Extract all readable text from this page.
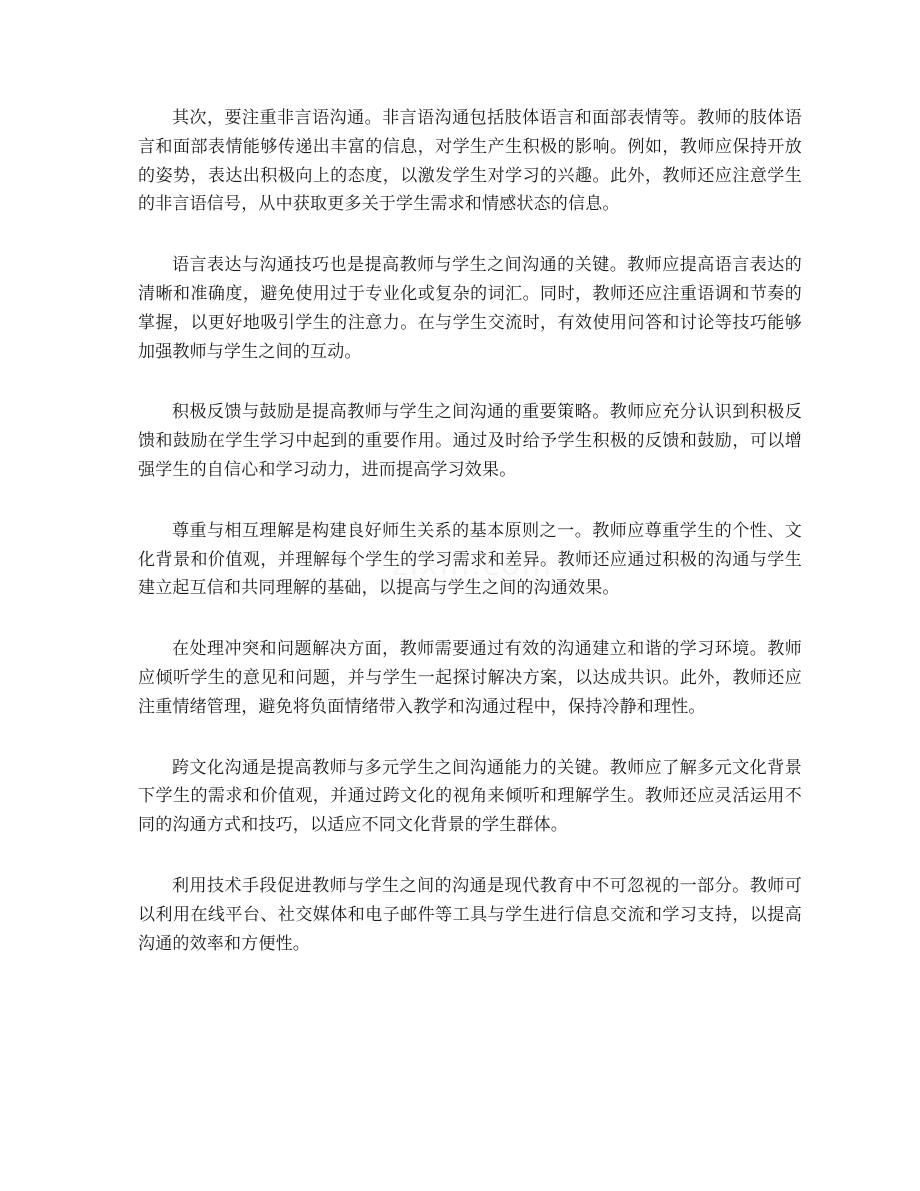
其次，要注重非言语沟通。非言语沟通包括肢体语言和面部表情等。教师的肢体语言和面部表情能够传递出丰富的信息，对学生产生积极的影响。例如，教师应保持开放的姿势，表达出积极向上的态度，以激发学生对学习的兴趣。此外，教师还应注意学生的非言语信号，从中获取更多关于学生需求和情感状态的信息。

语言表达与沟通技巧也是提高教师与学生之间沟通的关键。教师应提高语言表达的清晰和准确度，避免使用过于专业化或复杂的词汇。同时，教师还应注重语调和节奏的掌握，以更好地吸引学生的注意力。在与学生交流时，有效使用问答和讨论等技巧能够加强教师与学生之间的互动。

积极反馈与鼓励是提高教师与学生之间沟通的重要策略。教师应充分认识到积极反馈和鼓励在学生学习中起到的重要作用。通过及时给予学生积极的反馈和鼓励，可以增强学生的自信心和学习动力，进而提高学习效果。

尊重与相互理解是构建良好师生关系的基本原则之一。教师应尊重学生的个性、文化背景和价值观，并理解每个学生的学习需求和差异。教师还应通过积极的沟通与学生建立起互信和共同理解的基础，以提高与学生之间的沟通效果。

在处理冲突和问题解决方面，教师需要通过有效的沟通建立和谐的学习环境。教师应倾听学生的意见和问题，并与学生一起探讨解决方案，以达成共识。此外，教师还应注重情绪管理，避免将负面情绪带入教学和沟通过程中，保持冷静和理性。

跨文化沟通是提高教师与多元学生之间沟通能力的关键。教师应了解多元文化背景下学生的需求和价值观，并通过跨文化的视角来倾听和理解学生。教师还应灵活运用不同的沟通方式和技巧，以适应不同文化背景的学生群体。

利用技术手段促进教师与学生之间的沟通是现代教育中不可忽视的一部分。教师可以利用在线平台、社交媒体和电子邮件等工具与学生进行信息交流和学习支持，以提高沟通的效率和方便性。
